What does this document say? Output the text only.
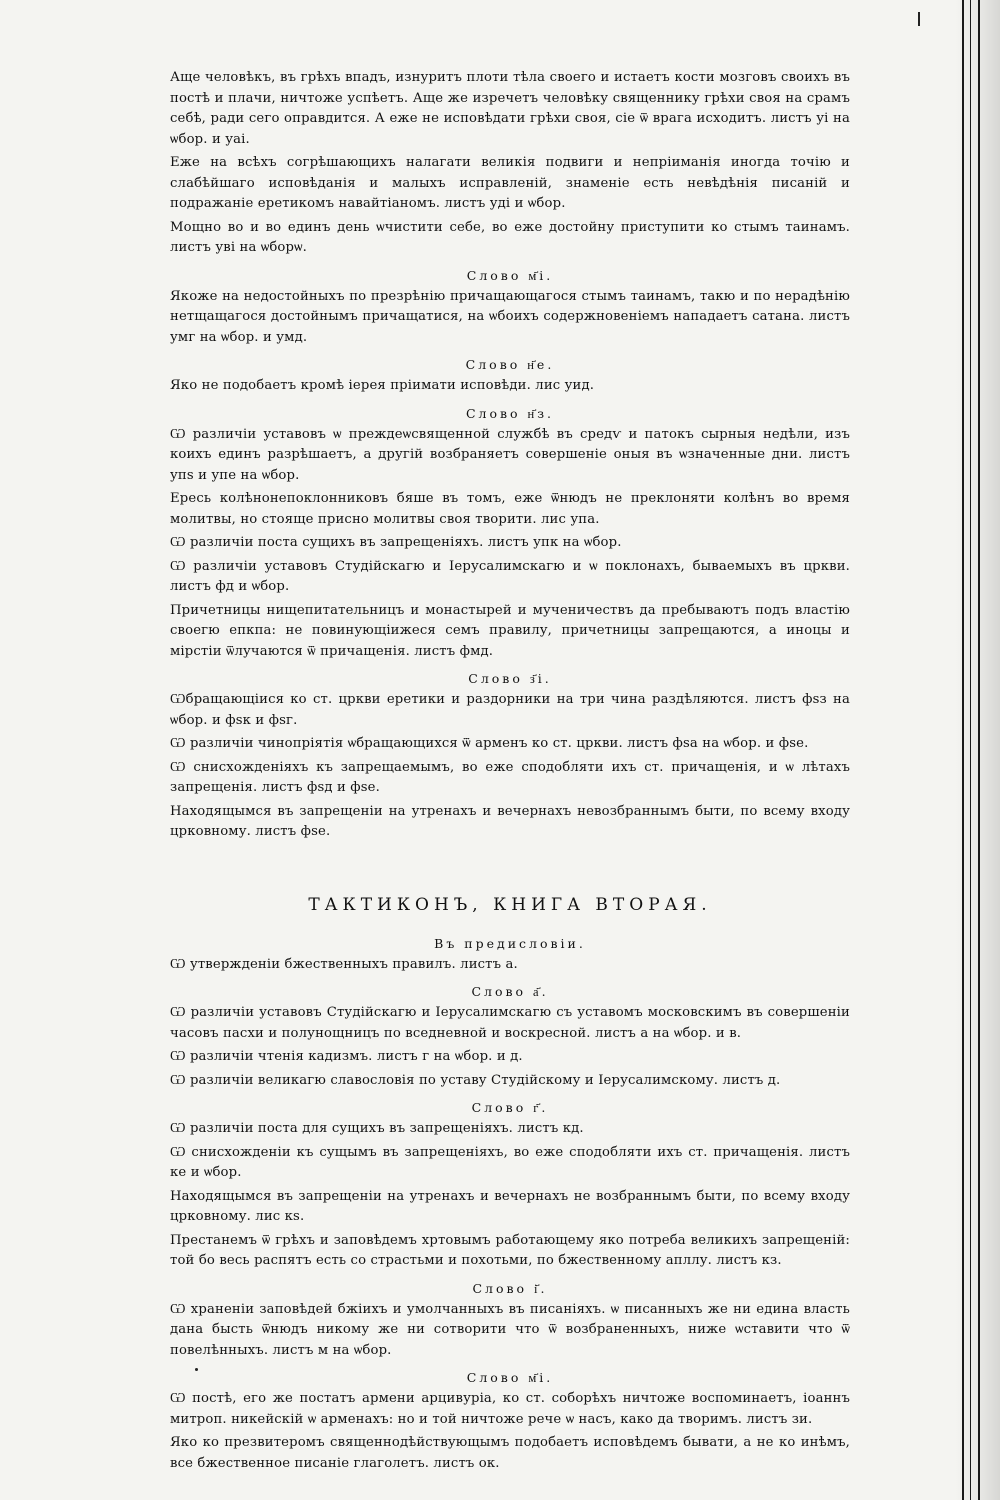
Аще человѣкъ, въ грѣхъ впадъ, изнуритъ плоти тѣла своего и истаетъ кости мозговъ своихъ въ постѣ и плачи, ничтоже успѣетъ. Аще же изречетъ человѣку священнику грѣхи своя на срамъ себѣ, ради сего оправдится. А еже не исповѣдати грѣхи своя, сіе ѿ врага исходитъ. листъ уі на ѡбор. и уаі.

Еже на всѣхъ согрѣшающихъ налагати великія подвиги и непріиманія иногда точію и слабѣйшаго исповѣданія и малыхъ исправленій, знаменіе есть невѣдѣнія писаній и подражаніе еретикомъ навайтіаномъ. листъ уді и ѡбор.

Мощно во и во единъ день ѡчистити себе, во еже достойну приступити ко стымъ таинамъ. листъ уві на ѡборѡ.

Слово м҃і.

Якоже на недостойныхъ по презрѣнію причащающагося стымъ таинамъ, такю и по нерадѣнію нетщащагося достойнымъ причащатися, на ѡбоихъ содержновеніемъ нападаетъ сатана. листъ умг на ѡбор. и умд.

Слово н҃е.

Яко не подобаетъ кромѣ іерея пріимати исповѣди. лис уид.

Слово н҃з.

Ѡ различіи уставовъ ѡ преждеѡсвященной службѣ въ средѵ и патокъ сырныя недѣли, изъ коихъ единъ разрѣшаетъ, а другій возбраняетъ совершеніе оныя въ ѡзначенные дни. листъ упѕ и упе на ѡбор.

Ересь колѣнонепоклонниковъ бяше въ томъ, еже ѿнюдъ не преклоняти колѣнъ во время молитвы, но стояще присно молитвы своя творити. лис упа.

Ѡ различіи поста сущихъ въ запрещеніяхъ. листъ упк на ѡбор.

Ѡ различіи уставовъ Студійскагю и Іерусалимскагю и ѡ поклонахъ, бываемыхъ въ цркви. листъ фд и ѡбор.

Причетницы нищепитательницъ и монастырей и мученичествъ да пребываютъ подъ властію своегю епкпа: не повинующіижеся семъ правилу, причетницы запрещаются, а иноцы и мірстіи ѿлучаются ѿ причащенія. листъ фмд.

Слово з҃і.

Ѡбращающіися ко ст. цркви еретики и раздорники на три чина раздѣляются. листъ фѕз на ѡбор. и фѕк и фѕг.

Ѡ различіи чинопріятія ѡбращающихся ѿ арменъ ко ст. цркви. листъ фѕа на ѡбор. и фѕе.

Ѡ снисхожденіяхъ къ запрещаемымъ, во еже сподобляти ихъ ст. причащенія, и ѡ лѣтахъ запрещенія. листъ фѕд и фѕе.

Находящымся въ запрещеніи на утренахъ и вечернахъ невозбраннымъ быти, по всему входу црковному. листъ фѕе.

ТАКТИКОНЪ, КНИГА ВТОРАЯ.
Въ предисловіи.

Ѡ утвержденіи бжественныхъ правилъ. листъ а.

Слово а҃.

Ѡ различіи уставовъ Студійскагю и Іерусалимскагю съ уставомъ московскимъ въ совершеніи часовъ пасхи и полунощницъ по вседневной и воскресной. листъ а на ѡбор. и в.

Ѡ различіи чтенія кадизмъ. листъ г на ѡбор. и д.

Ѡ различіи великагю славословія по уставу Студійскому и Іерусалимскому. листъ д.

Слово г҃.

Ѡ различіи поста для сущихъ въ запрещеніяхъ. листъ кд.

Ѡ снисхожденіи къ сущымъ въ запрещеніяхъ, во еже сподобляти ихъ ст. причащенія. листъ ке и ѡбор.

Находящымся въ запрещеніи на утренахъ и вечернахъ не возбраннымъ быти, по всему входу црковному. лис кѕ.

Престанемъ ѿ грѣхъ и заповѣдемъ хртовымъ работающему яко потреба великихъ запрещеній: той бо весь распятъ есть со страстьми и похотьми, по бжественному апллу. листъ кз.

Слово і҃.

Ѡ храненіи заповѣдей бжіихъ и умолчанныхъ въ писаніяхъ. ѡ писанныхъ же ни едина власть дана бысть ѿнюдъ никому же ни сотворити что ѿ возбраненныхъ, ниже ѡставити что ѿ повелѣнныхъ. листъ м на ѡбор.

Слово м҃і.

Ѡ постѣ, его же постатъ армени арцивуріа, ко ст. соборѣхъ ничтоже воспоминаетъ, іоаннъ митроп. никейскій ѡ арменахъ: но и той ничтоже рече ѡ насъ, како да творимъ. листъ зи.

Яко ко презвитеромъ священнодѣйствующымъ подобаетъ исповѣдемъ бывати, а не ко инѣмъ, все бжественное писаніе глаголетъ. листъ ок.
